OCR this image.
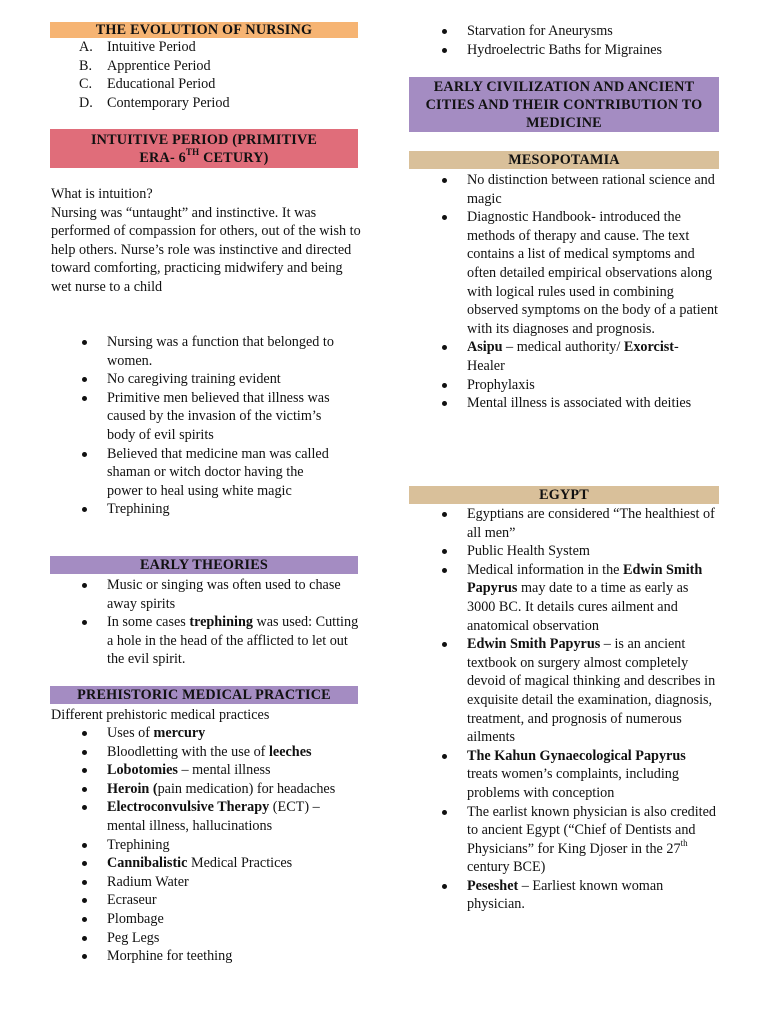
THE EVOLUTION OF NURSING
A. Intuitive Period
B. Apprentice Period
C. Educational Period
D. Contemporary Period
INTUITIVE PERIOD (PRIMITIVE
ERA- 6TH CETURY)

What is intuition?

Nursing was “untaught” and instinctive. It was performed of compassion for others, out of the wish to help others. Nurse’s role was instinctive and directed toward comforting, practicing midwifery and being wet nurse to a child

Nursing was a function that belonged to women.
No caregiving training evident
Primitive men believed that illness was caused by the invasion of the victim’s body of evil spirits
Believed that medicine man was called shaman or witch doctor having the power to heal using white magic
Trephining
EARLY THEORIES
Music or singing was often used to chase away spirits
In some cases trephining was used: Cutting a hole in the head of the afflicted to let out the evil spirit.
PREHISTORIC MEDICAL PRACTICE

Different prehistoric medical practices

Uses of mercury
Bloodletting with the use of leeches
Lobotomies – mental illness
Heroin (pain medication) for headaches
Electroconvulsive Therapy (ECT) – mental illness, hallucinations
Trephining
Cannibalistic Medical Practices
Radium Water
Ecraseur
Plombage
Peg Legs
Morphine for teething
Starvation for Aneurysms
Hydroelectric Baths for Migraines
EARLY CIVILIZATION AND ANCIENT CITIES AND THEIR CONTRIBUTION TO MEDICINE
MESOPOTAMIA
No distinction between rational science and magic
Diagnostic Handbook- introduced the methods of therapy and cause. The text contains a list of medical symptoms and often detailed empirical observations along with logical rules used in combining observed symptoms on the body of a patient with its diagnoses and prognosis.
Asipu – medical authority/ Exorcist- Healer
Prophylaxis
Mental illness is associated with deities
EGYPT
Egyptians are considered “The healthiest of all men”
Public Health System
Medical information in the Edwin Smith Papyrus may date to a time as early as 3000 BC. It details cures ailment and anatomical observation
Edwin Smith Papyrus – is an ancient textbook on surgery almost completely devoid of magical thinking and describes in exquisite detail the examination, diagnosis, treatment, and prognosis of numerous ailments
The Kahun Gynaecological Papyrus treats women’s complaints, including problems with conception
The earlist known physician is also credited to ancient Egypt (“Chief of Dentists and Physicians” for King Djoser in the 27th century BCE)
Peseshet – Earliest known woman physician.
